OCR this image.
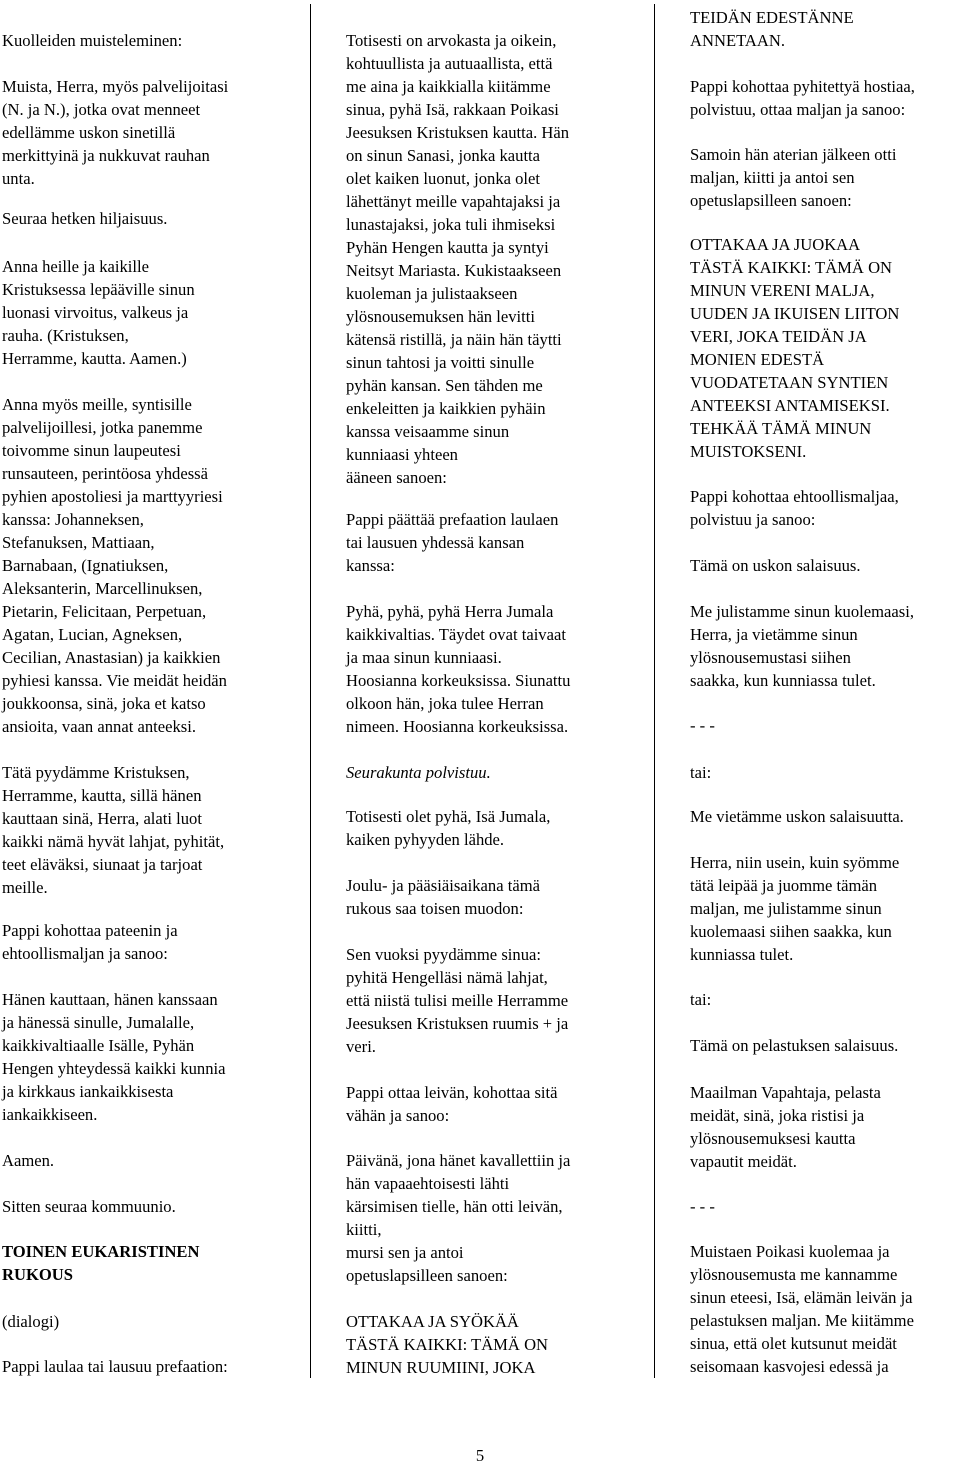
Kuolleiden muisteleminen:

Muista, Herra, myös palvelijoitasi
(N. ja N.), jotka ovat menneet
edellämme uskon sinetillä
merkittyinä ja nukkuvat rauhan
unta.

Seuraa hetken hiljaisuus.

Anna heille ja kaikille
Kristuksessa lepääville sinun
luonasi virvoitus, valkeus ja
rauha. (Kristuksen,
Herramme, kautta. Aamen.)

Anna myös meille, syntisille
palvelijoillesi, jotka panemme
toivomme sinun laupeutesi
runsauteen, perintöosa yhdessä
pyhien apostoliesi ja marttyyriesi
kanssa: Johanneksen,
Stefanuksen, Mattiaan,
Barnabaan, (Ignatiuksen,
Aleksanterin, Marcellinuksen,
Pietarin, Felicitaan, Perpetuan,
Agatan, Lucian, Agneksen,
Cecilian, Anastasian) ja kaikkien
pyhiesi kanssa. Vie meidät heidän
joukkoonsa, sinä, joka et katso
ansioita, vaan annat anteeksi.

Tätä pyydämme Kristuksen,
Herramme, kautta, sillä hänen
kauttaan sinä, Herra, alati luot
kaikki nämä hyvät lahjat, pyhität,
teet eläväksi, siunaat ja tarjoat
meille.

Pappi kohottaa pateenin ja
ehtoollismaljan ja sanoo:

Hänen kauttaan, hänen kanssaan
ja hänessä sinulle, Jumalalle,
kaikkivaltiaalle Isälle, Pyhän
Hengen yhteydessä kaikki kunnia
ja kirkkaus iankaikkisesta
iankaikkiseen.

Aamen.

Sitten seuraa kommuunio.

TOINEN EUKARISTINEN
RUKOUS

(dialogi)

Pappi laulaa tai lausuu prefaation:

Totisesti on arvokasta ja oikein,
kohtuullista ja autuaallista, että
me aina ja kaikkialla kiitämme
sinua, pyhä Isä, rakkaan Poikasi
Jeesuksen Kristuksen kautta. Hän
on sinun Sanasi, jonka kautta
olet kaiken luonut, jonka olet
lähettänyt meille vapahtajaksi ja
lunastajaksi, joka tuli ihmiseksi
Pyhän Hengen kautta ja syntyi
Neitsyt Mariasta. Kukistaakseen
kuoleman ja julistaakseen
ylösnousemuksen hän levitti
kätensä ristillä, ja näin hän täytti
sinun tahtosi ja voitti sinulle
pyhän kansan. Sen tähden me
enkeleitten ja kaikkien pyhäin
kanssa veisaamme sinun
kunniaasi yhteen
ääneen sanoen:

Pappi päättää prefaation laulaen
tai lausuen yhdessä kansan
kanssa:

Pyhä, pyhä, pyhä Herra Jumala
kaikkivaltias. Täydet ovat taivaat
ja maa sinun kunniaasi.
Hoosianna korkeuksissa. Siunattu
olkoon hän, joka tulee Herran
nimeen. Hoosianna korkeuksissa.

Seurakunta polvistuu.

Totisesti olet pyhä, Isä Jumala,
kaiken pyhyyden lähde.

Joulu- ja pääsiäisaikana tämä
rukous saa toisen muodon:

Sen vuoksi pyydämme sinua:
pyhitä Hengelläsi nämä lahjat,
että niistä tulisi meille Herramme
Jeesuksen Kristuksen ruumis + ja
veri.

Pappi ottaa leivän, kohottaa sitä
vähän ja sanoo:

Päivänä, jona hänet kavallettiin ja
hän vapaaehtoisesti lähti
kärsimisen tielle, hän otti leivän,
kiitti,
mursi sen ja antoi
opetuslapsilleen sanoen:

OTTAKAA JA SYÖKÄÄ
TÄSTÄ KAIKKI: TÄMÄ ON
MINUN RUUMIINI, JOKA

TEIDÄN EDESTÄNNE
ANNETAAN.

Pappi kohottaa pyhitettyä hostiaa,
polvistuu, ottaa maljan ja sanoo:

Samoin hän aterian jälkeen otti
maljan, kiitti ja antoi sen
opetuslapsilleen sanoen:

OTTAKAA JA JUOKAA
TÄSTÄ KAIKKI: TÄMÄ ON
MINUN VERENI MALJA,
UUDEN JA IKUISEN LIITON
VERI, JOKA TEIDÄN JA
MONIEN EDESTÄ
VUODATETAAN SYNTIEN
ANTEEKSI ANTAMISEKSI.
TEHKÄÄ TÄMÄ MINUN
MUISTOKSENI.

Pappi kohottaa ehtoollismaljaa,
polvistuu ja sanoo:

Tämä on uskon salaisuus.

Me julistamme sinun kuolemaasi,
Herra, ja vietämme sinun
ylösnousemustasi siihen
saakka, kun kunniassa tulet.

- - -

tai:

Me vietämme uskon salaisuutta.

Herra, niin usein, kuin syömme
tätä leipää ja juomme tämän
maljan, me julistamme sinun
kuolemaasi siihen saakka, kun
kunniassa tulet.

tai:

Tämä on pelastuksen salaisuus.

Maailman Vapahtaja, pelasta
meidät, sinä, joka ristisi ja
ylösnousemuksesi kautta
vapautit meidät.

- - -

Muistaen Poikasi kuolemaa ja
ylösnousemusta me kannamme
sinun eteesi, Isä, elämän leivän ja
pelastuksen maljan. Me kiitämme
sinua, että olet kutsunut meidät
seisomaan kasvojesi edessä ja

5
